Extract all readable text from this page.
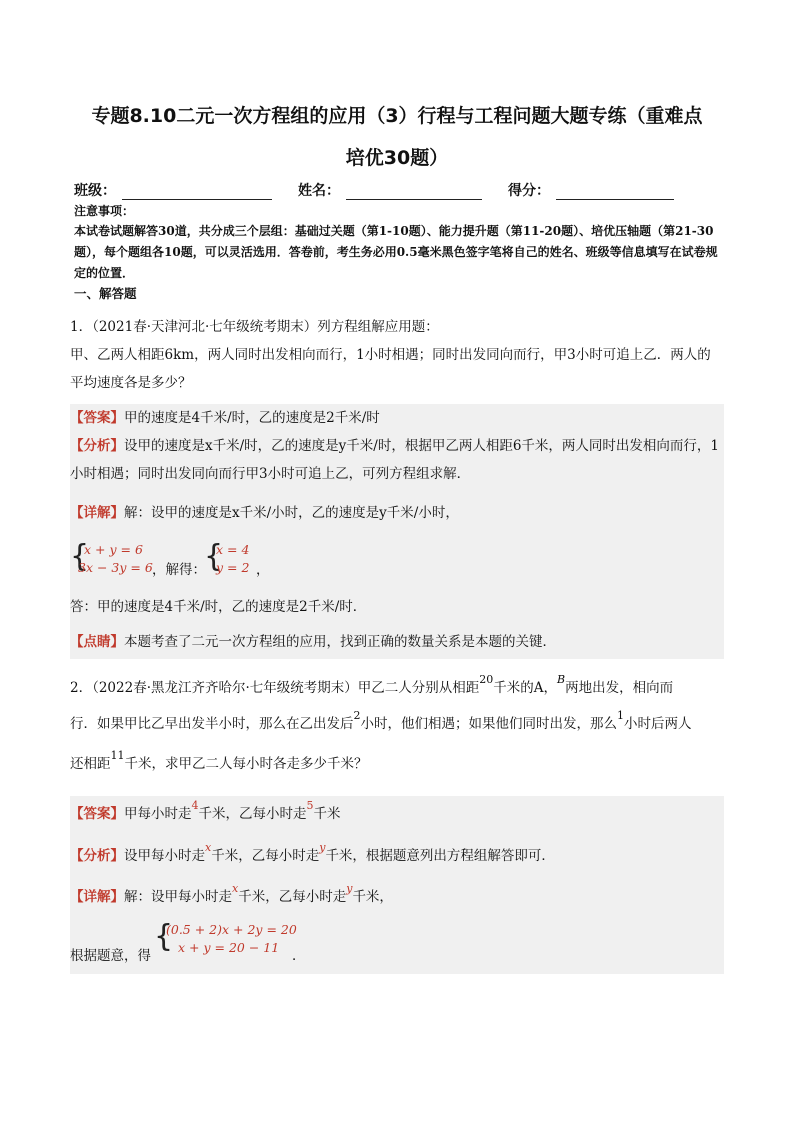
专题8.10二元一次方程组的应用（3）行程与工程问题大题专练（重难点
培优30题）
班级：	姓名：	得分：
注意事项：
本试卷试题解答30道，共分成三个层组：基础过关题（第1-10题）、能力提升题（第11-20题）、培优压轴题（第21-30题），每个题组各10题，可以灵活选用．答卷前，考生务必用0.5毫米黑色签字笔将自己的姓名、班级等信息填写在试卷规定的位置．
一、解答题
1．（2021春·天津河北·七年级统考期末）列方程组解应用题：
甲、乙两人相距6km，两人同时出发相向而行，1小时相遇；同时出发同向而行，甲3小时可追上乙．两人的平均速度各是多少？
【答案】甲的速度是4千米/时，乙的速度是2千米/时
【分析】设甲的速度是x千米/时，乙的速度是y千米/时，根据甲乙两人相距6千米，两人同时出发相向而行，1小时相遇；同时出发同向而行甲3小时可追上乙，可列方程组求解．
【详解】解：设甲的速度是x千米/小时，乙的速度是y千米/小时，
{
x + y = 6
3x − 3y = 6 ，解得：
{
x = 4
y = 2 ，
答：甲的速度是4千米/时，乙的速度是2千米/时．
【点睛】本题考查了二元一次方程组的应用，找到正确的数量关系是本题的关键．
2．（2022春·黑龙江齐齐哈尔·七年级统考期末）甲乙二人分别从相距$^{20}$千米的A，$^B$两地出发，相向而
行．如果甲比乙早出发半小时，那么在乙出发后$^2$小时，他们相遇；如果他们同时出发，那么$^1$小时后两人
还相距$^{11}$千米，求甲乙二人每小时各走多少千米？
【答案】甲每小时走$^4$千米，乙每小时走$^5$千米
【分析】设甲每小时走$^x$千米，乙每小时走$^y$千米，根据题意列出方程组解答即可．
【详解】解：设甲每小时走$^x$千米，乙每小时走$^y$千米，
根据题意，得
{
(0.5 + 2)x + 2y = 20
x + y = 20 − 11
．
